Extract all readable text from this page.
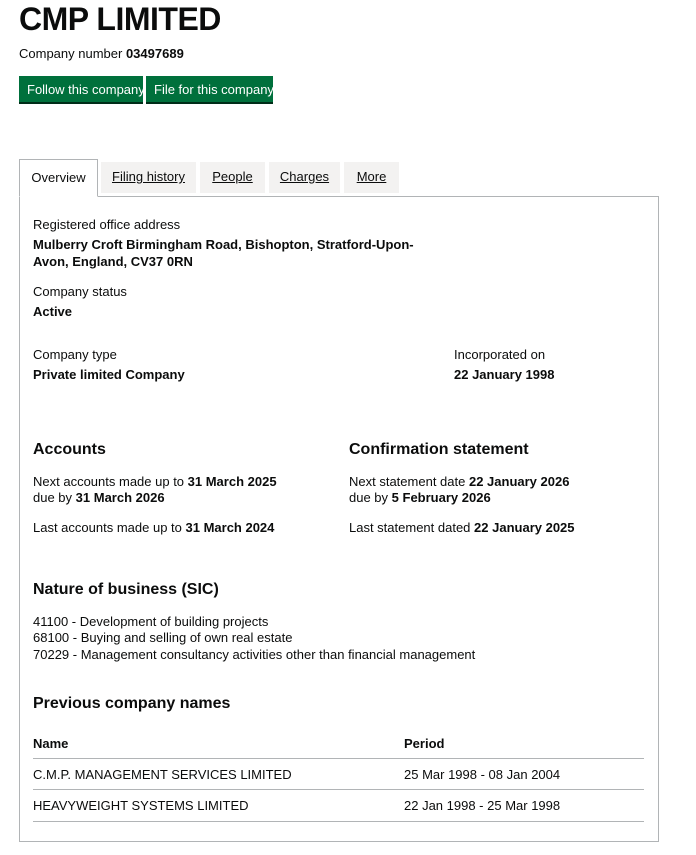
CMP LIMITED
Company number 03497689
Follow this company File for this company
Overview	Filing history	People	Charges	More
Registered office address
Mulberry Croft Birmingham Road, Bishopton, Stratford-Upon-
Avon, England, CV37 0RN
Company status
Active
Company type
Private limited Company
Incorporated on
22 January 1998
Accounts
Next accounts made up to 31 March 2025
due by 31 March 2026
Last accounts made up to 31 March 2024
Confirmation statement
Next statement date 22 January 2026
due by 5 February 2026
Last statement dated 22 January 2025
Nature of business (SIC)
41100 - Development of building projects
68100 - Buying and selling of own real estate
70229 - Management consultancy activities other than financial management
Previous company names
Name	Period
C.M.P. MANAGEMENT SERVICES LIMITED	25 Mar 1998 - 08 Jan 2004
HEAVYWEIGHT SYSTEMS LIMITED	22 Jan 1998 - 25 Mar 1998
